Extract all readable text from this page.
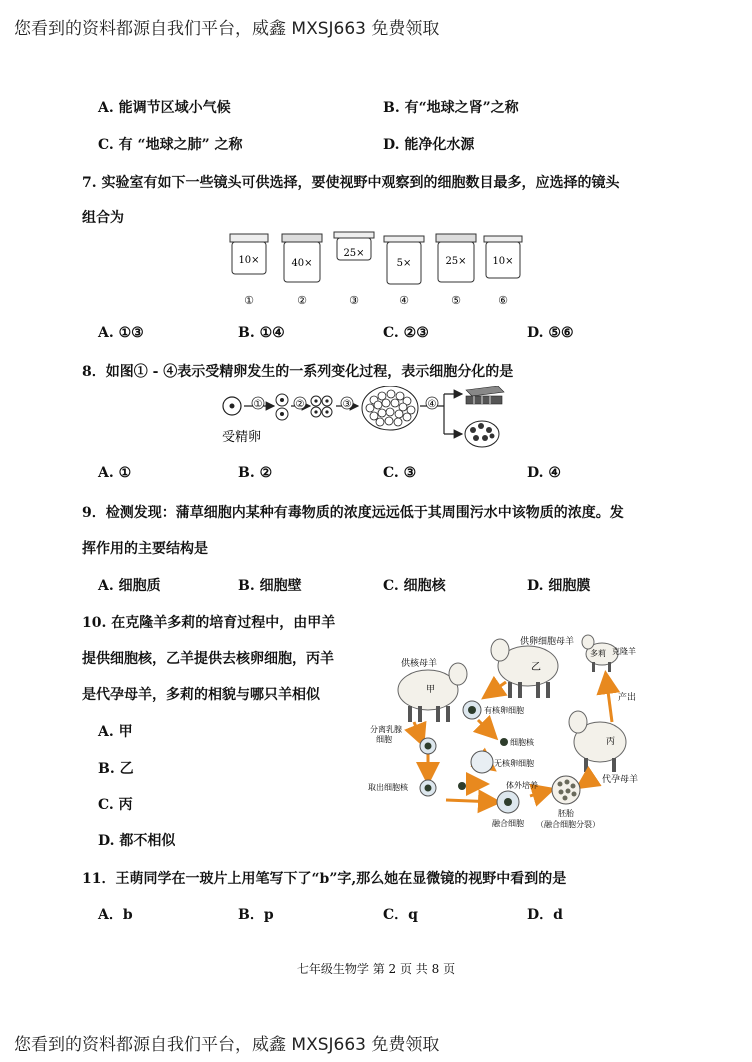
您看到的资料都源自我们平台，威鑫 MXSJ663 免费领取
A. 能调节区域小气候	B. 有“地球之肾”之称
C. 有 “地球之肺” 之称	D. 能净化水源
7. 实验室有如下一些镜头可供选择，要使视野中观察到的细胞数目最多，应选择的镜头
组合为
10×
①
40×
②
25×
③
5×
④
25×
⑤
10×
⑥
A. ①③	B. ①④	C. ②③	D. ⑤⑥
8．如图① - ④表示受精卵发生的一系列变化过程，表示细胞分化的是
受精卵
①	②	③	④
A. ①	B. ②	C. ③	D. ④
9．检测发现：蒲草细胞内某种有毒物质的浓度远远低于其周围污水中该物质的浓度。发
挥作用的主要结构是
A. 细胞质	B. 细胞壁	C. 细胞核	D. 细胞膜
10. 在克隆羊多莉的培育过程中，由甲羊
提供细胞核，乙羊提供去核卵细胞，丙羊
是代孕母羊，多莉的相貌与哪只羊相似
A. 甲
B. 乙
C. 丙
D. 都不相似
甲
供核母羊	乙
供卵细胞母羊
多莉 克隆羊
丙
代孕母羊
产出
有核卵细胞
细胞核
无核卵细胞
分离乳腺
细胞
取出细胞核
融合细胞
体外培养
胚胎
（融合细胞分裂）
11．王萌同学在一玻片上用笔写下了“b”字,那么她在显微镜的视野中看到的是
A．b	B．p	C．q	D．d
七年级生物学 第 2 页 共 8 页
您看到的资料都源自我们平台，威鑫 MXSJ663 免费领取
